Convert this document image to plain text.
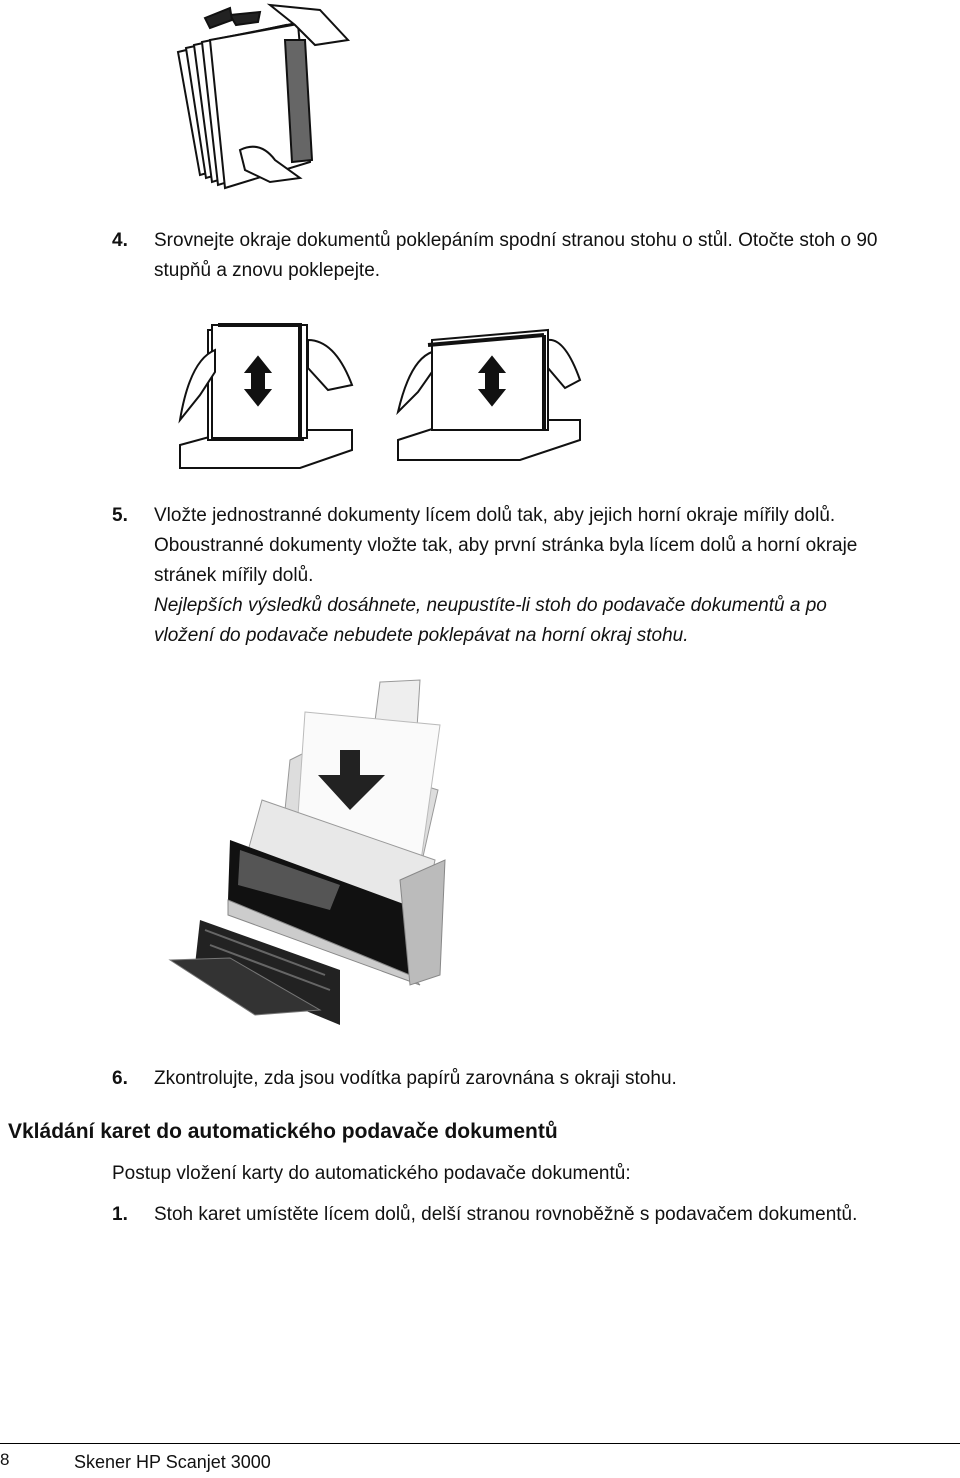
4. Srovnejte okraje dokumentů poklepáním spodní stranou stohu o stůl. Otočte stoh o 90
stupňů a znovu poklepejte.
5. Vložte jednostranné dokumenty lícem dolů tak, aby jejich horní okraje mířily dolů.
Oboustranné dokumenty vložte tak, aby první stránka byla lícem dolů a horní okraje
stránek mířily dolů.
Nejlepších výsledků dosáhnete, neupustíte-li stoh do podavače dokumentů a po
vložení do podavače nebudete poklepávat na horní okraj stohu.
6. Zkontrolujte, zda jsou vodítka papírů zarovnána s okraji stohu.
Vkládání karet do automatického podavače dokumentů
Postup vložení karty do automatického podavače dokumentů:
1. Stoh karet umístěte lícem dolů, delší stranou rovnoběžně s podavačem dokumentů.
8	Skener HP Scanjet 3000
